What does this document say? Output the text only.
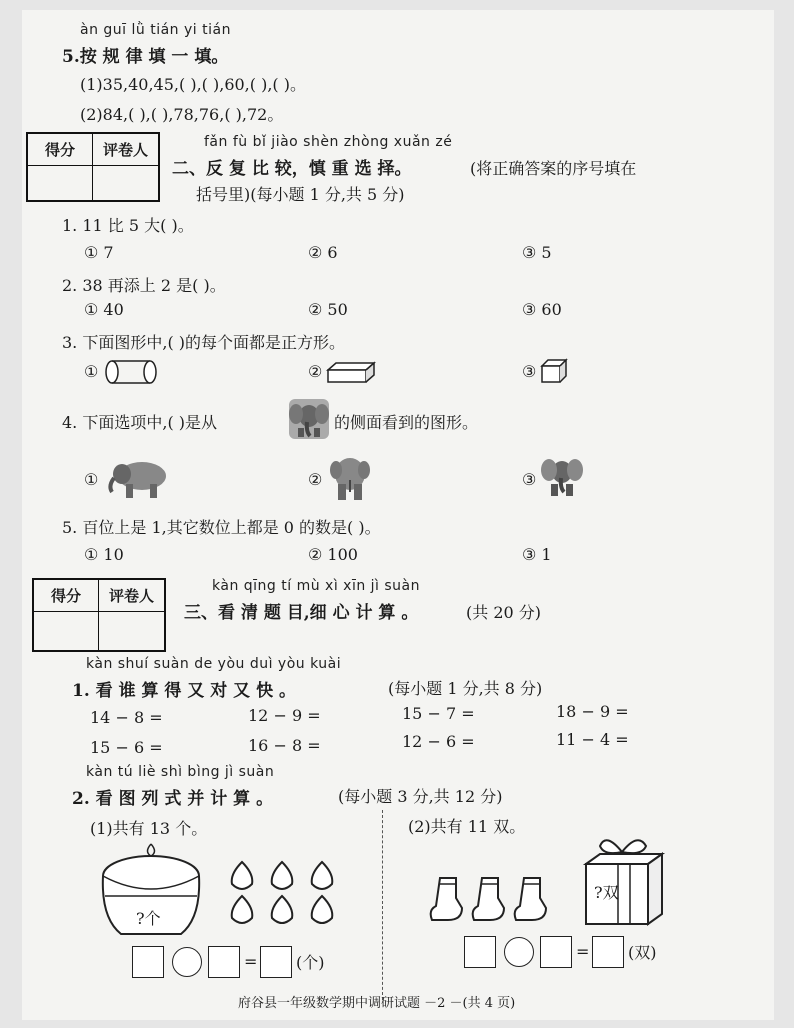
àn guī lǜ tián yi tián
5.按 规 律 填 一 填。
(1)35,40,45,( ),( ),60,( ),( )。
(2)84,( ),( ),78,76,( ),72。
得分	评卷人	fǎn fù bǐ jiào shèn zhòng xuǎn zé
二、反 复 比 较，慎 重 选 择。	(将正确答案的序号填在
括号里)(每小题 1 分,共 5 分)
1. 11 比 5 大( )。
① 7	② 6	③ 5
2. 38 再添上 2 是( )。
① 40	② 50	③ 60
3. 下面图形中,( )的每个面都是正方形。
①	②	③
4. 下面选项中,( )是从	的侧面看到的图形。
①	②	③
5. 百位上是 1,其它数位上都是 0 的数是( )。
① 10	② 100	③ 1
得分	评卷人
kàn qīng tí mù xì xīn jì suàn
三、看 清 题 目,细 心 计 算 。	(共 20 分)
kàn shuí suàn de yòu duì yòu kuài
1. 看 谁 算 得 又 对 又 快 。	(每小题 1 分,共 8 分)
14 − 8 =	12 − 9 =	15 − 7 =	18 − 9 =
15 − 6 =	16 − 8 =	12 − 6 =	11 − 4 =
kàn tú liè shì bìng jì suàn
2. 看 图 列 式 并 计 算 。	(每小题 3 分,共 12 分)
(1)共有 13 个。	(2)共有 11 双。
?个
= (个)
?双
= (双)
府谷县一年级数学期中调研试题 －2 －(共 4 页)
